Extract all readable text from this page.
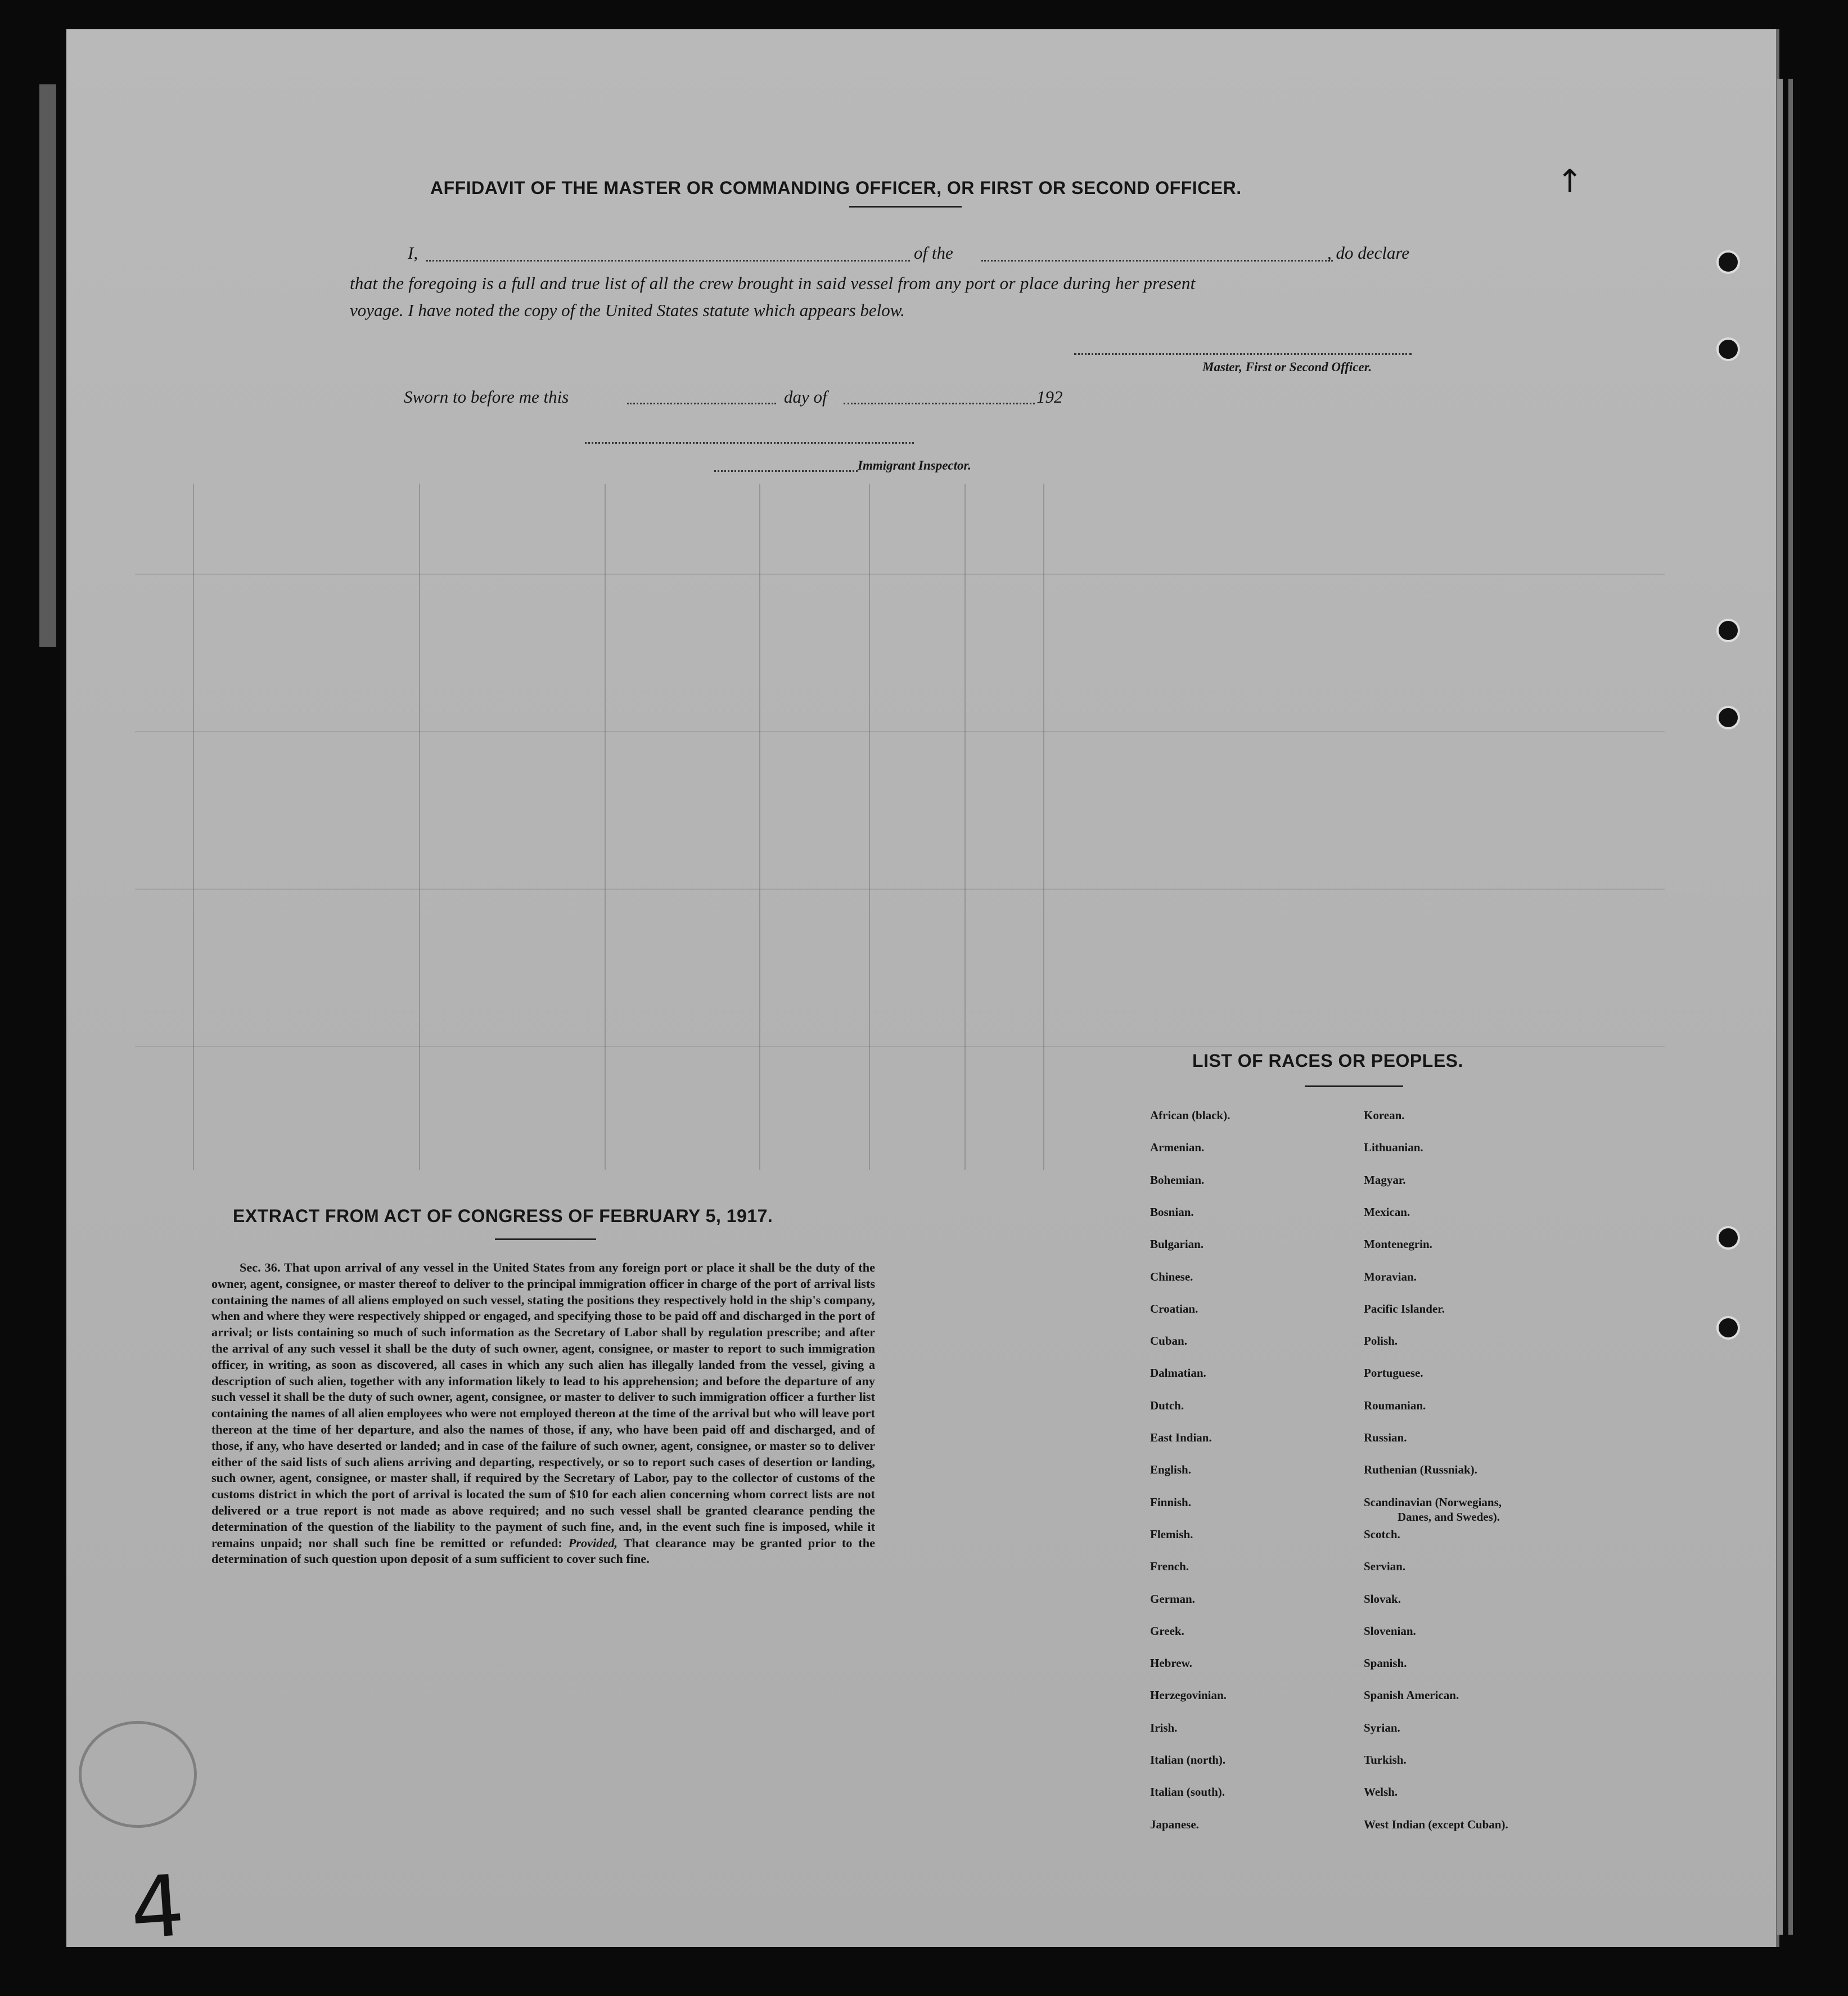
AFFIDAVIT OF THE MASTER OR COMMANDING OFFICER, OR FIRST OR SECOND OFFICER.
I,	of the	, do declare
that the foregoing is a full and true list of all the crew brought in said vessel from any port or place during her present
voyage. I have noted the copy of the United States statute which appears below.
Master, First or Second Officer.
Sworn to before me this	day of	192
Immigrant Inspector.
EXTRACT FROM ACT OF CONGRESS OF FEBRUARY 5, 1917.
Sec. 36. That upon arrival of any vessel in the United States from any foreign port or place it shall be the duty of the owner, agent, consignee, or master thereof to deliver to the principal immigration officer in charge of the port of arrival lists containing the names of all aliens employed on such vessel, stating the positions they respectively hold in the ship's company, when and where they were respectively shipped or engaged, and specifying those to be paid off and discharged in the port of arrival; or lists containing so much of such information as the Secretary of Labor shall by regulation prescribe; and after the arrival of any such vessel it shall be the duty of such owner, agent, consignee, or master to report to such immigration officer, in writing, as soon as discovered, all cases in which any such alien has illegally landed from the vessel, giving a description of such alien, together with any information likely to lead to his apprehension; and before the departure of any such vessel it shall be the duty of such owner, agent, consignee, or master to deliver to such immigration officer a further list containing the names of all alien employees who were not employed thereon at the time of the arrival but who will leave port thereon at the time of her departure, and also the names of those, if any, who have been paid off and discharged, and of those, if any, who have deserted or landed; and in case of the failure of such owner, agent, consignee, or master so to deliver either of the said lists of such aliens arriving and departing, respectively, or so to report such cases of desertion or landing, such owner, agent, consignee, or master shall, if required by the Secretary of Labor, pay to the collector of customs of the customs district in which the port of arrival is located the sum of $10 for each alien concerning whom correct lists are not delivered or a true report is not made as above required; and no such vessel shall be granted clearance pending the determination of the question of the liability to the payment of such fine, and, in the event such fine is imposed, while it remains unpaid; nor shall such fine be remitted or refunded: Provided, That clearance may be granted prior to the determination of such question upon deposit of a sum sufficient to cover such fine.
LIST OF RACES OR PEOPLES.
African (black).
Armenian.
Bohemian.
Bosnian.
Bulgarian.
Chinese.
Croatian.
Cuban.
Dalmatian.
Dutch.
East Indian.
English.
Finnish.
Flemish.
French.
German.
Greek.
Hebrew.
Herzegovinian.
Irish.
Italian (north).
Italian (south).
Japanese.
Korean.
Lithuanian.
Magyar.
Mexican.
Montenegrin.
Moravian.
Pacific Islander.
Polish.
Portuguese.
Roumanian.
Russian.
Ruthenian (Russniak).
Scandinavian (Norwegians,
Danes, and Swedes).
Scotch.
Servian.
Slovak.
Slovenian.
Spanish.
Spanish American.
Syrian.
Turkish.
Welsh.
West Indian (except Cuban).
4
↑
